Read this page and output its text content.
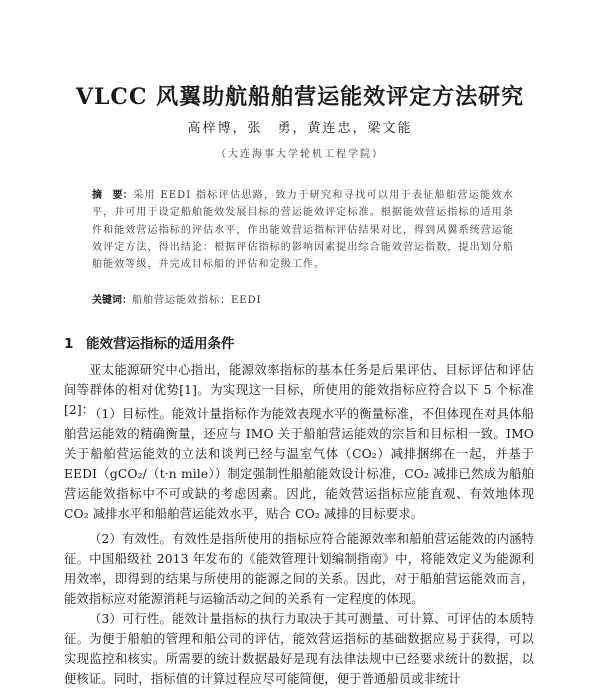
VLCC 风翼助航船舶营运能效评定方法研究
高梓博，张　勇，黄连忠，梁文能
（大连海事大学轮机工程学院）
摘　要：采用 EEDI 指标评估思路，致力于研究和寻找可以用于表征船舶营运能效水平，并可用于设定船舶能效发展目标的营运能效评定标准。根据能效营运指标的适用条件和能效营运指标的评估水平，作出能效营运指标评估结果对比，得到风翼系统营运能效评定方法，得出结论：根据评估指标的影响因素提出综合能效营运指数，提出划分船舶能效等级，并完成目标船的评估和定级工作。
关键词：船舶营运能效指标；EEDI
1 能效营运指标的适用条件
亚太能源研究中心指出，能源效率指标的基本任务是后果评估、目标评估和评估间等群体的相对优势[1]。为实现这一目标，所使用的能效指标应符合以下 5 个标准[2]：
（1）目标性。能效计量指标作为能效表现水平的衡量标准，不但体现在对具体船舶营运能效的精确衡量，还应与 IMO 关于船舶营运能效的宗旨和目标相一致。IMO 关于船舶营运能效的立法和谈判已经与温室气体（CO₂）减排捆绑在一起，并基于 EEDI（gCO₂/（t·n mile））制定强制性船舶能效设计标准，CO₂ 减排已然成为船舶营运能效指标中不可或缺的考虑因素。因此，能效营运指标应能直观、有效地体现 CO₂ 减排水平和船舶营运能效水平，贴合 CO₂ 减排的目标要求。
（2）有效性。有效性是指所使用的指标应符合能源效率和船舶营运能效的内涵特征。中国船级社 2013 年发布的《能效管理计划编制指南》中，将能效定义为能源利用效率，即得到的结果与所使用的能源之间的关系。因此，对于船舶营运能效而言，能效指标应对能源消耗与运输活动之间的关系有一定程度的体现。
（3）可行性。能效计量指标的执行力取决于其可测量、可计算、可评估的本质特征。为便于船舶的管理和船公司的评估，能效营运指标的基础数据应易于获得，可以实现监控和核实。所需要的统计数据最好是现有法律法规中已经要求统计的数据，以便核证。同时，指标值的计算过程应尽可能简便，便于普通船员或非统计
